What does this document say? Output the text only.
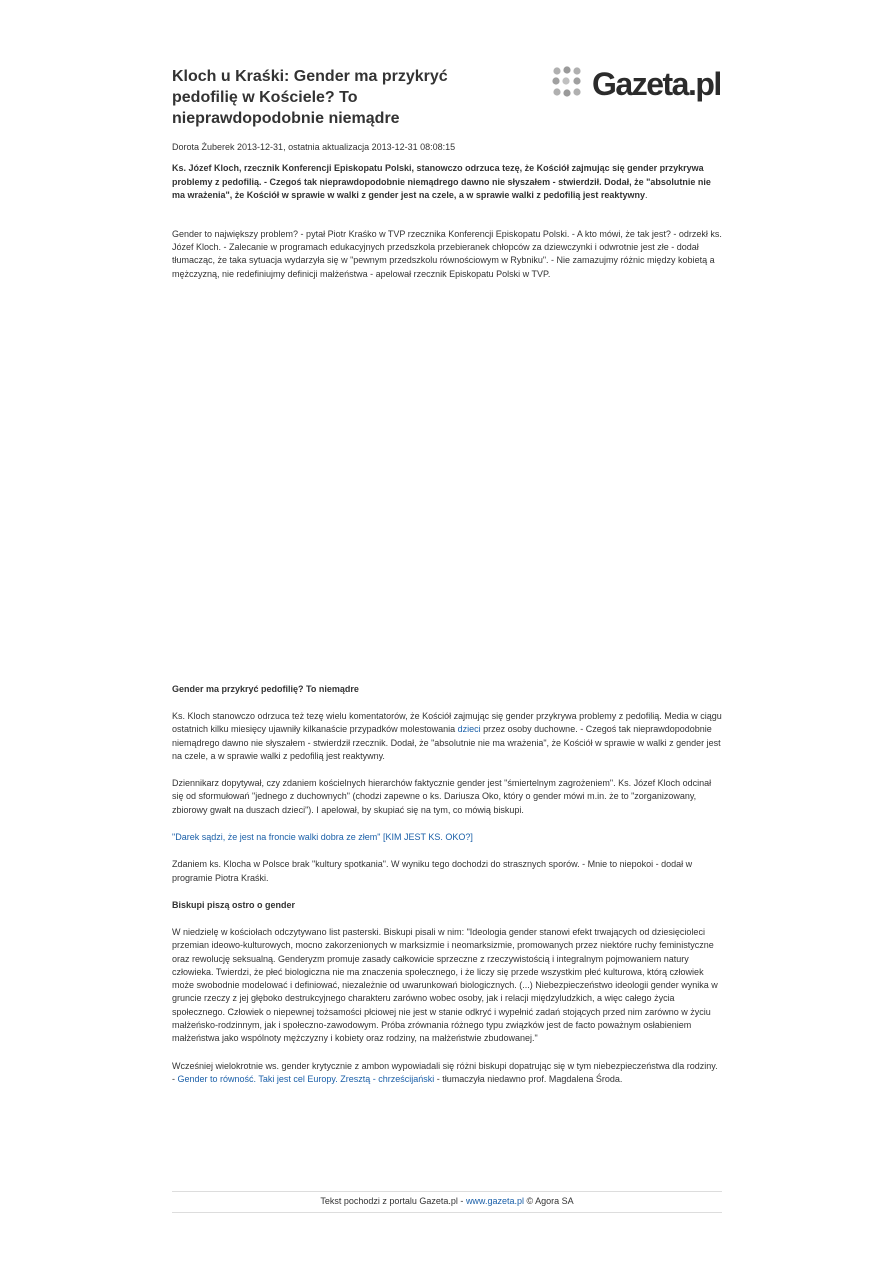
Kloch u Kraśki: Gender ma przykryć pedofilię w Kościele? To nieprawdopodobnie niemądre
Gazeta.pl
Dorota Żuberek 2013-12-31, ostatnia aktualizacja 2013-12-31 08:08:15

Ks. Józef Kloch, rzecznik Konferencji Episkopatu Polski, stanowczo odrzuca tezę, że Kościół zajmując się gender przykrywa problemy z pedofilią. - Czegoś tak nieprawdopodobnie niemądrego dawno nie słyszałem - stwierdził. Dodał, że "absolutnie nie ma wrażenia", że Kościół w sprawie w walki z gender jest na czele, a w sprawie walki z pedofilią jest reaktywny.

Gender to największy problem? - pytał Piotr Kraśko w TVP rzecznika Konferencji Episkopatu Polski. - A kto mówi, że tak jest? - odrzekł ks. Józef Kloch. - Zalecanie w programach edukacyjnych przedszkola przebieranek chłopców za dziewczynki i odwrotnie jest złe - dodał tłumacząc, że taka sytuacja wydarzyła się w "pewnym przedszkolu równościowym w Rybniku". - Nie zamazujmy różnic między kobietą a mężczyzną, nie redefiniujmy definicji małżeństwa - apelował rzecznik Episkopatu Polski w TVP.

Gender ma przykryć pedofilię? To niemądre

Ks. Kloch stanowczo odrzuca też tezę wielu komentatorów, że Kościół zajmując się gender przykrywa problemy z pedofilią. Media w ciągu ostatnich kilku miesięcy ujawniły kilkanaście przypadków molestowania dzieci przez osoby duchowne. - Czegoś tak nieprawdopodobnie niemądrego dawno nie słyszałem - stwierdził rzecznik. Dodał, że "absolutnie nie ma wrażenia", że Kościół w sprawie w walki z gender jest na czele, a w sprawie walki z pedofilią jest reaktywny.

Dziennikarz dopytywał, czy zdaniem kościelnych hierarchów faktycznie gender jest "śmiertelnym zagrożeniem". Ks. Józef Kloch odcinał się od sformułowań "jednego z duchownych" (chodzi zapewne o ks. Dariusza Oko, który o gender mówi m.in. że to "zorganizowany, zbiorowy gwałt na duszach dzieci"). I apelował, by skupiać się na tym, co mówią biskupi.

"Darek sądzi, że jest na froncie walki dobra ze złem" [KIM JEST KS. OKO?]

Zdaniem ks. Klocha w Polsce brak "kultury spotkania". W wyniku tego dochodzi do strasznych sporów. - Mnie to niepokoi - dodał w programie Piotra Kraśki.

Biskupi piszą ostro o gender

W niedzielę w kościołach odczytywano list pasterski. Biskupi pisali w nim: "Ideologia gender stanowi efekt trwających od dziesięcioleci przemian ideowo-kulturowych, mocno zakorzenionych w marksizmie i neomarksizmie, promowanych przez niektóre ruchy feministyczne oraz rewolucję seksualną. Genderyzm promuje zasady całkowicie sprzeczne z rzeczywistością i integralnym pojmowaniem natury człowieka. Twierdzi, że płeć biologiczna nie ma znaczenia społecznego, i że liczy się przede wszystkim płeć kulturowa, którą człowiek może swobodnie modelować i definiować, niezależnie od uwarunkowań biologicznych. (...) Niebezpieczeństwo ideologii gender wynika w gruncie rzeczy z jej głęboko destrukcyjnego charakteru zarówno wobec osoby, jak i relacji międzyludzkich, a więc całego życia społecznego. Człowiek o niepewnej tożsamości płciowej nie jest w stanie odkryć i wypełnić zadań stojących przed nim zarówno w życiu małżeńsko-rodzinnym, jak i społeczno-zawodowym. Próba zrównania różnego typu związków jest de facto poważnym osłabieniem małżeństwa jako wspólnoty mężczyzny i kobiety oraz rodziny, na małżeństwie zbudowanej."

Wcześniej wielokrotnie ws. gender krytycznie z ambon wypowiadali się różni biskupi dopatrując się w tym niebezpieczeństwa dla rodziny. - Gender to równość. Taki jest cel Europy. Zresztą - chrześcijański - tłumaczyła niedawno prof. Magdalena Środa.

Tekst pochodzi z portalu Gazeta.pl - www.gazeta.pl © Agora SA
